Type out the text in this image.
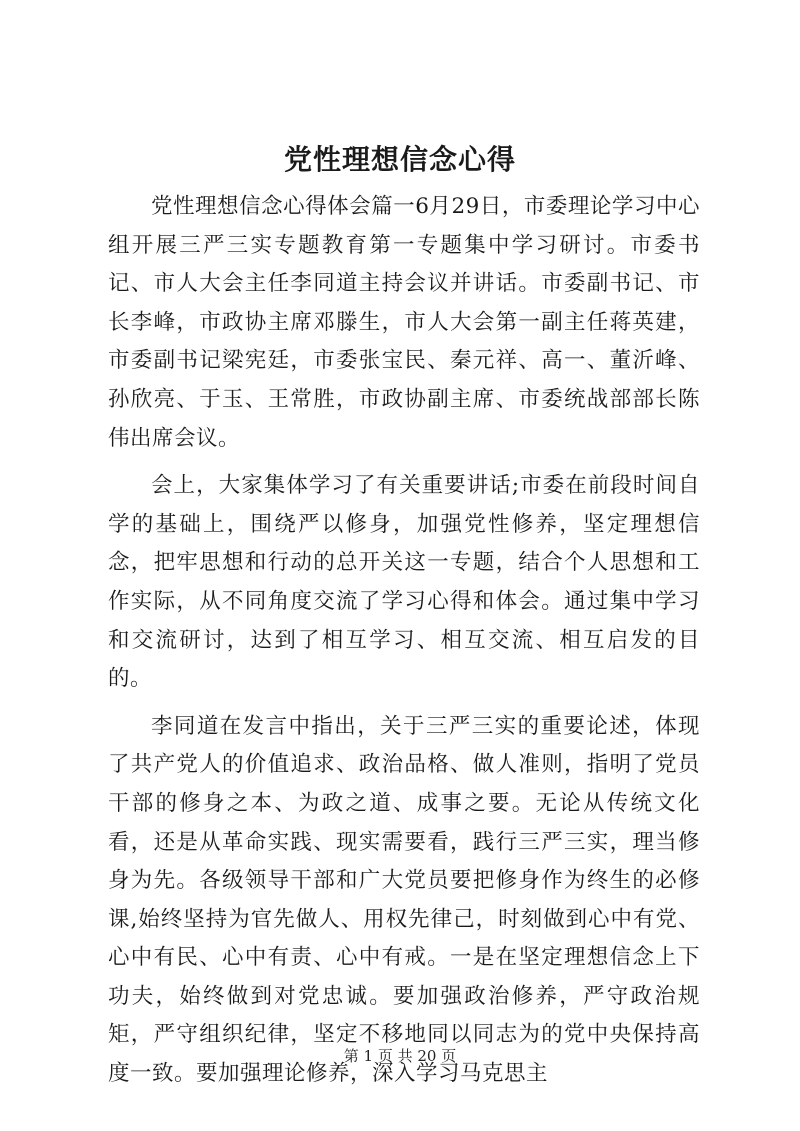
党性理想信念心得

党性理想信念心得体会篇一6月29日，市委理论学习中心组开展三严三实专题教育第一专题集中学习研讨。市委书记、市人大会主任李同道主持会议并讲话。市委副书记、市长李峰，市政协主席邓滕生，市人大会第一副主任蒋英建，市委副书记梁宪廷，市委张宝民、秦元祥、高一、董沂峰、孙欣亮、于玉、王常胜，市政协副主席、市委统战部部长陈伟出席会议。

会上，大家集体学习了有关重要讲话;市委在前段时间自学的基础上，围绕严以修身，加强党性修养，坚定理想信念，把牢思想和行动的总开关这一专题，结合个人思想和工作实际，从不同角度交流了学习心得和体会。通过集中学习和交流研讨，达到了相互学习、相互交流、相互启发的目的。

李同道在发言中指出，关于三严三实的重要论述，体现了共产党人的价值追求、政治品格、做人准则，指明了党员干部的修身之本、为政之道、成事之要。无论从传统文化看，还是从革命实践、现实需要看，践行三严三实，理当修身为先。各级领导干部和广大党员要把修身作为终生的必修课,始终坚持为官先做人、用权先律己，时刻做到心中有党、心中有民、心中有责、心中有戒。一是在坚定理想信念上下功夫，始终做到对党忠诚。要加强政治修养，严守政治规矩，严守组织纪律，坚定不移地同以同志为的党中央保持高度一致。要加强理论修养，深入学习马克思主

第 1 页 共 20 页
